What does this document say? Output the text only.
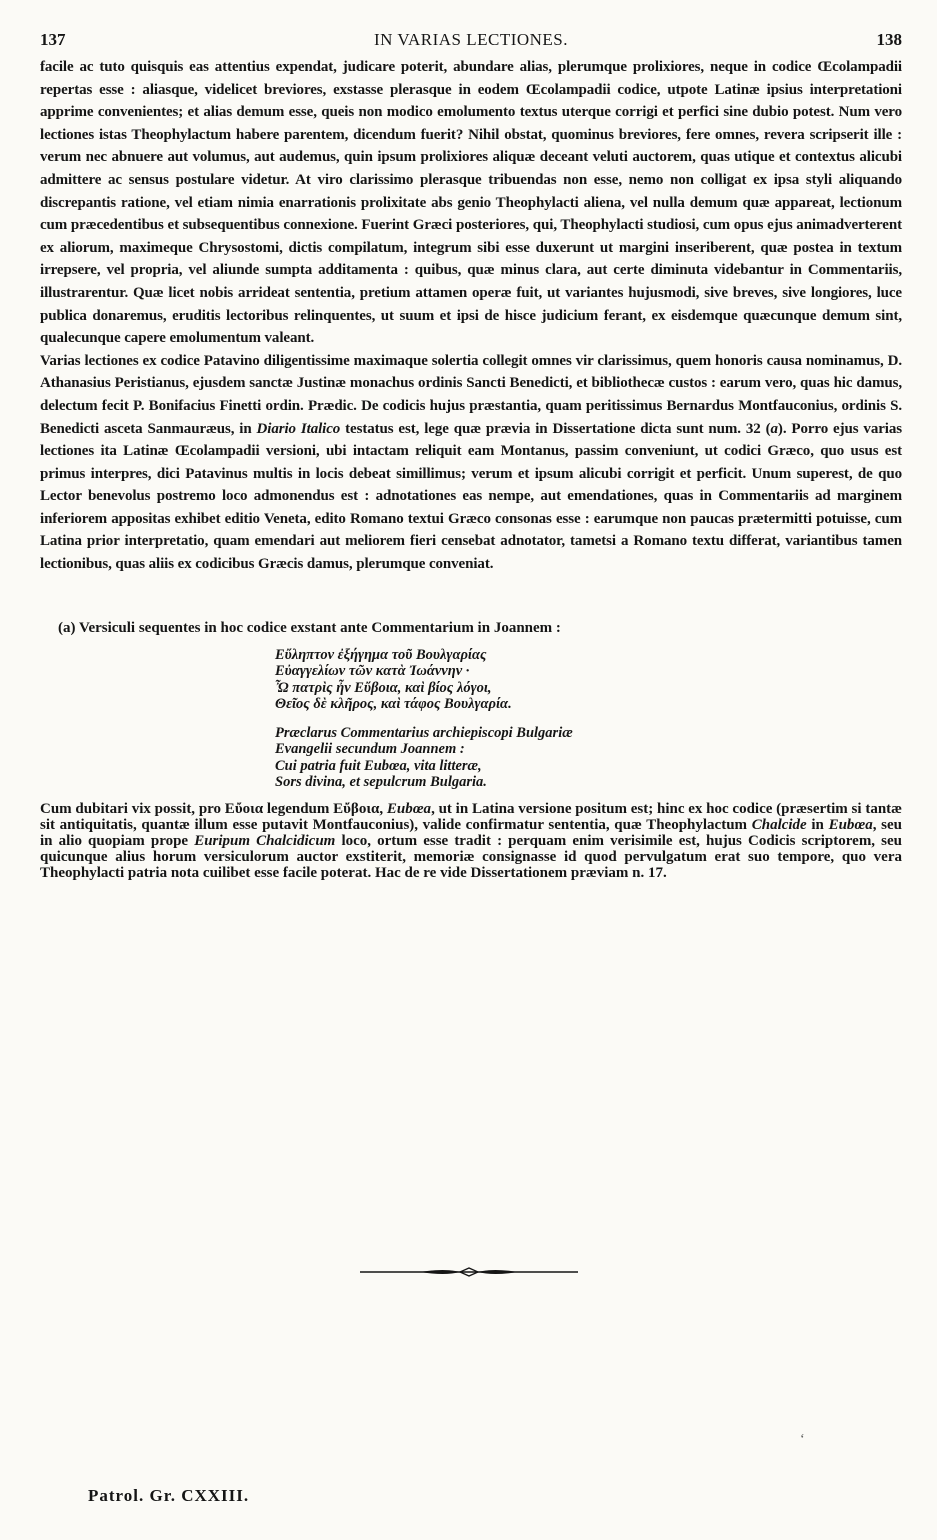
137	IN VARIAS LECTIONES.	138

facile ac tuto quisquis eas attentius expendat, judicare poterit, abundare alias, plerumque prolixiores, neque in codice Œcolampadii repertas esse : aliasque, videlicet breviores, exstasse plerasque in eodem Œcolampadii codice, utpote Latinæ ipsius interpretationi apprime convenientes; et alias demum esse, queis non modico emolumento textus uterque corrigi et perfici sine dubio potest. Num vero lectiones istas Theophylactum habere parentem, dicendum fuerit? Nihil obstat, quominus breviores, fere omnes, revera scripserit ille : verum nec abnuere aut volumus, aut audemus, quin ipsum prolixiores aliquæ deceant veluti auctorem, quas utique et contextus alicubi admittere ac sensus postulare videtur. At viro clarissimo plerasque tribuendas non esse, nemo non colligat ex ipsa styli aliquando discrepantis ratione, vel etiam nimia enarrationis prolixitate abs genio Theophylacti aliena, vel nulla demum quæ appareat, lectionum cum præcedentibus et subsequentibus connexione. Fuerint Græci posteriores, qui, Theophylacti studiosi, cum opus ejus animadverterent ex aliorum, maximeque Chrysostomi, dictis compilatum, integrum sibi esse duxerunt ut margini inseriberent, quæ postea in textum irrepsere, vel propria, vel aliunde sumpta additamenta : quibus, quæ minus clara, aut certe diminuta videbantur in Commentariis, illustrarentur. Quæ licet nobis arrideat sententia, pretium attamen operæ fuit, ut variantes hujusmodi, sive breves, sive longiores, luce publica donaremus, eruditis lectoribus relinquentes, ut suum et ipsi de hisce judicium ferant, ex eisdemque quæcunque demum sint, qualecunque capere emolumentum valeant.

Varias lectiones ex codice Patavino diligentissime maximaque solertia collegit omnes vir clarissimus, quem honoris causa nominamus, D. Athanasius Peristianus, ejusdem sanctæ Justinæ monachus ordinis Sancti Benedicti, et bibliothecæ custos : earum vero, quas hic damus, delectum fecit P. Bonifacius Finetti ordin. Prædic. De codicis hujus præstantia, quam peritissimus Bernardus Montfauconius, ordinis S. Benedicti asceta Sanmauræus, in Diario Italico testatus est, lege quæ prævia in Dissertatione dicta sunt num. 32 (a). Porro ejus varias lectiones ita Latinæ Œcolampadii versioni, ubi intactam reliquit eam Montanus, passim conveniunt, ut codici Græco, quo usus est primus interpres, dici Patavinus multis in locis debeat simillimus; verum et ipsum alicubi corrigit et perficit. Unum superest, de quo Lector benevolus postremo loco admonendus est : adnotationes eas nempe, aut emendationes, quas in Commentariis ad marginem inferiorem appositas exhibet editio Veneta, edito Romano textui Græco consonas esse : earumque non paucas prætermitti potuisse, cum Latina prior interpretatio, quam emendari aut meliorem fieri censebat adnotator, tametsi a Romano textu differat, variantibus tamen lectionibus, quas aliis ex codicibus Græcis damus, plerumque conveniat.

(a) Versiculi sequentes in hoc codice exstant ante Commentarium in Joannem :
Εὔληπτον ἐξήγημα τοῦ Βουλγαρίας
Εὐαγγελίων τῶν κατὰ Ἰωάννην ·
Ὦ πατρὶς ἦν Εὔβοια, καὶ βίος λόγοι,
Θεῖος δὲ κλῆρος, καὶ τάφος Βουλγαρία.
Præclarus Commentarius archiepiscopi Bulgariæ
Evangelii secundum Joannem :
Cui patria fuit Eubœa, vita litteræ,
Sors divina, et sepulcrum Bulgaria.
Cum dubitari vix possit, pro Εὔοια legendum Εὔβοια, Eubœa, ut in Latina versione positum est; hinc ex hoc codice (præsertim si tantæ sit antiquitatis, quantæ illum esse putavit Montfauconius), valide confirmatur sententia, quæ Theophylactum Chalcide in Eubœa, seu in alio quopiam prope Euripum Chalcidicum loco, ortum esse tradit : perquam enim verisimile est, hujus Codicis scriptorem, seu quicunque alius horum versiculorum auctor exstiterit, memoriæ consignasse id quod pervulgatum erat suo tempore, quo vera Theophylacti patria nota cuilibet esse facile poterat. Hac de re vide Dissertationem præviam n. 17.
ʻ
Patrol. Gr. CXXIII.
